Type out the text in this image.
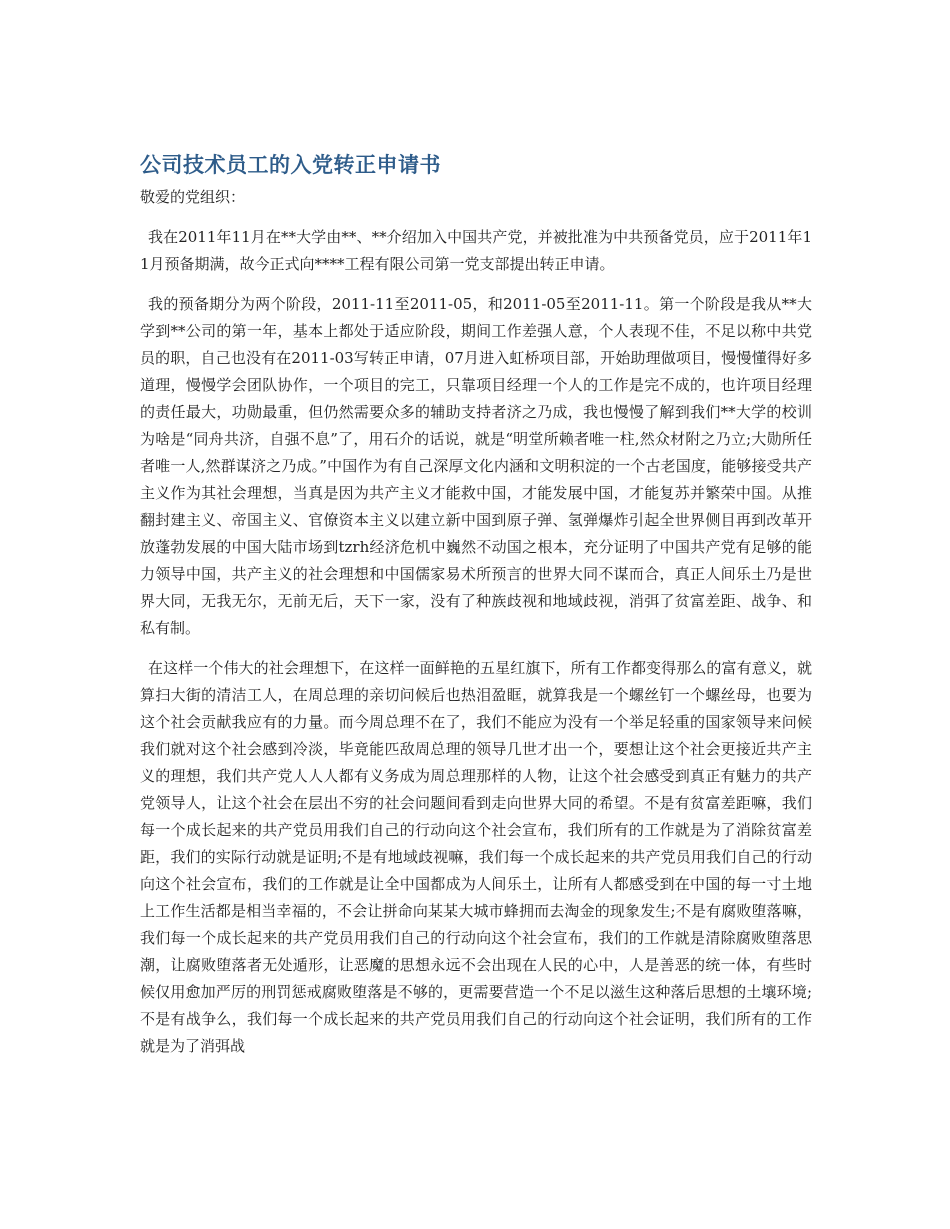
公司技术员工的入党转正申请书

敬爱的党组织：

我在2011年11月在**大学由**、**介绍加入中国共产党，并被批准为中共预备党员，应于2011年11月预备期满，故今正式向****工程有限公司第一党支部提出转正申请。

我的预备期分为两个阶段，2011-11至2011-05，和2011-05至2011-11。第一个阶段是我从**大学到**公司的第一年，基本上都处于适应阶段，期间工作差强人意，个人表现不佳，不足以称中共党员的职，自己也没有在2011-03写转正申请，07月进入虹桥项目部，开始助理做项目，慢慢懂得好多道理，慢慢学会团队协作，一个项目的完工，只靠项目经理一个人的工作是完不成的，也许项目经理的责任最大，功勋最重，但仍然需要众多的辅助支持者济之乃成，我也慢慢了解到我们**大学的校训为啥是“同舟共济，自强不息”了，用石介的话说，就是“明堂所赖者唯一柱,然众材附之乃立;大勋所任者唯一人,然群谋济之乃成。”中国作为有自己深厚文化内涵和文明积淀的一个古老国度，能够接受共产主义作为其社会理想，当真是因为共产主义才能救中国，才能发展中国，才能复苏并繁荣中国。从推翻封建主义、帝国主义、官僚资本主义以建立新中国到原子弹、氢弹爆炸引起全世界侧目再到改革开放蓬勃发展的中国大陆市场到tzrh经济危机中巍然不动国之根本，充分证明了中国共产党有足够的能力领导中国，共产主义的社会理想和中国儒家易术所预言的世界大同不谋而合，真正人间乐土乃是世界大同，无我无尔，无前无后，天下一家，没有了种族歧视和地域歧视，消弭了贫富差距、战争、和私有制。

在这样一个伟大的社会理想下，在这样一面鲜艳的五星红旗下，所有工作都变得那么的富有意义，就算扫大街的清洁工人，在周总理的亲切问候后也热泪盈眶，就算我是一个螺丝钉一个螺丝母，也要为这个社会贡献我应有的力量。而今周总理不在了，我们不能应为没有一个举足轻重的国家领导来问候我们就对这个社会感到冷淡，毕竟能匹敌周总理的领导几世才出一个，要想让这个社会更接近共产主义的理想，我们共产党人人人都有义务成为周总理那样的人物，让这个社会感受到真正有魅力的共产党领导人，让这个社会在层出不穷的社会问题间看到走向世界大同的希望。不是有贫富差距嘛，我们每一个成长起来的共产党员用我们自己的行动向这个社会宣布，我们所有的工作就是为了消除贫富差距，我们的实际行动就是证明;不是有地域歧视嘛，我们每一个成长起来的共产党员用我们自己的行动向这个社会宣布，我们的工作就是让全中国都成为人间乐土，让所有人都感受到在中国的每一寸土地上工作生活都是相当幸福的，不会让拼命向某某大城市蜂拥而去淘金的现象发生;不是有腐败堕落嘛，我们每一个成长起来的共产党员用我们自己的行动向这个社会宣布，我们的工作就是清除腐败堕落思潮，让腐败堕落者无处遁形，让恶魔的思想永远不会出现在人民的心中，人是善恶的统一体，有些时候仅用愈加严厉的刑罚惩戒腐败堕落是不够的，更需要营造一个不足以滋生这种落后思想的土壤环境;不是有战争么，我们每一个成长起来的共产党员用我们自己的行动向这个社会证明，我们所有的工作就是为了消弭战
